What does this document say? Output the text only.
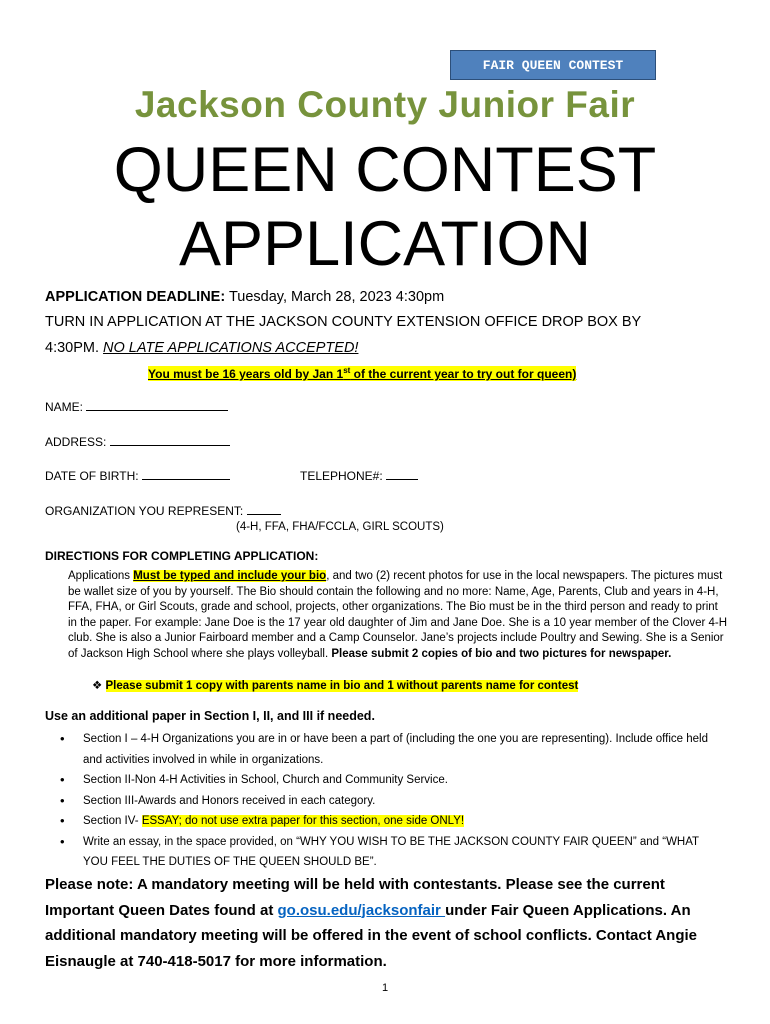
FAIR QUEEN CONTEST
Jackson County Junior Fair
QUEEN CONTEST
APPLICATION
APPLICATION DEADLINE: Tuesday, March 28, 2023 4:30pm
TURN IN APPLICATION AT THE JACKSON COUNTY EXTENSION OFFICE DROP BOX BY
4:30PM. NO LATE APPLICATIONS ACCEPTED!
You must be 16 years old by Jan 1st of the current year to try out for queen)
NAME:
ADDRESS:
DATE OF BIRTH:	TELEPHONE#:
ORGANIZATION YOU REPRESENT:
(4-H, FFA, FHA/FCCLA, GIRL SCOUTS)
DIRECTIONS FOR COMPLETING APPLICATION:
Applications Must be typed and include your bio, and two (2) recent photos for use in the local newspapers. The pictures must be wallet size of you by yourself. The Bio should contain the following and no more: Name, Age, Parents, Club and years in 4-H, FFA, FHA, or Girl Scouts, grade and school, projects, other organizations. The Bio must be in the third person and ready to print in the paper. For example: Jane Doe is the 17 year old daughter of Jim and Jane Doe. She is a 10 year member of the Clover 4-H club. She is also a Junior Fairboard member and a Camp Counselor. Jane’s projects include Poultry and Sewing. She is a Senior of Jackson High School where she plays volleyball. Please submit 2 copies of bio and two pictures for newspaper.
❖ Please submit 1 copy with parents name in bio and 1 without parents name for contest
Use an additional paper in Section I, II, and III if needed.
• Section I – 4-H Organizations you are in or have been a part of (including the one you are representing). Include office held and activities involved in while in organizations.
• Section II-Non 4-H Activities in School, Church and Community Service.
• Section III-Awards and Honors received in each category.
• Section IV- ESSAY; do not use extra paper for this section, one side ONLY!
• Write an essay, in the space provided, on “WHY YOU WISH TO BE THE JACKSON COUNTY FAIR QUEEN” and “WHAT YOU FEEL THE DUTIES OF THE QUEEN SHOULD BE”.
Please note: A mandatory meeting will be held with contestants. Please see the current Important Queen Dates found at go.osu.edu/jacksonfair under Fair Queen Applications. An additional mandatory meeting will be offered in the event of school conflicts. Contact Angie Eisnaugle at 740-418-5017 for more information.
1
